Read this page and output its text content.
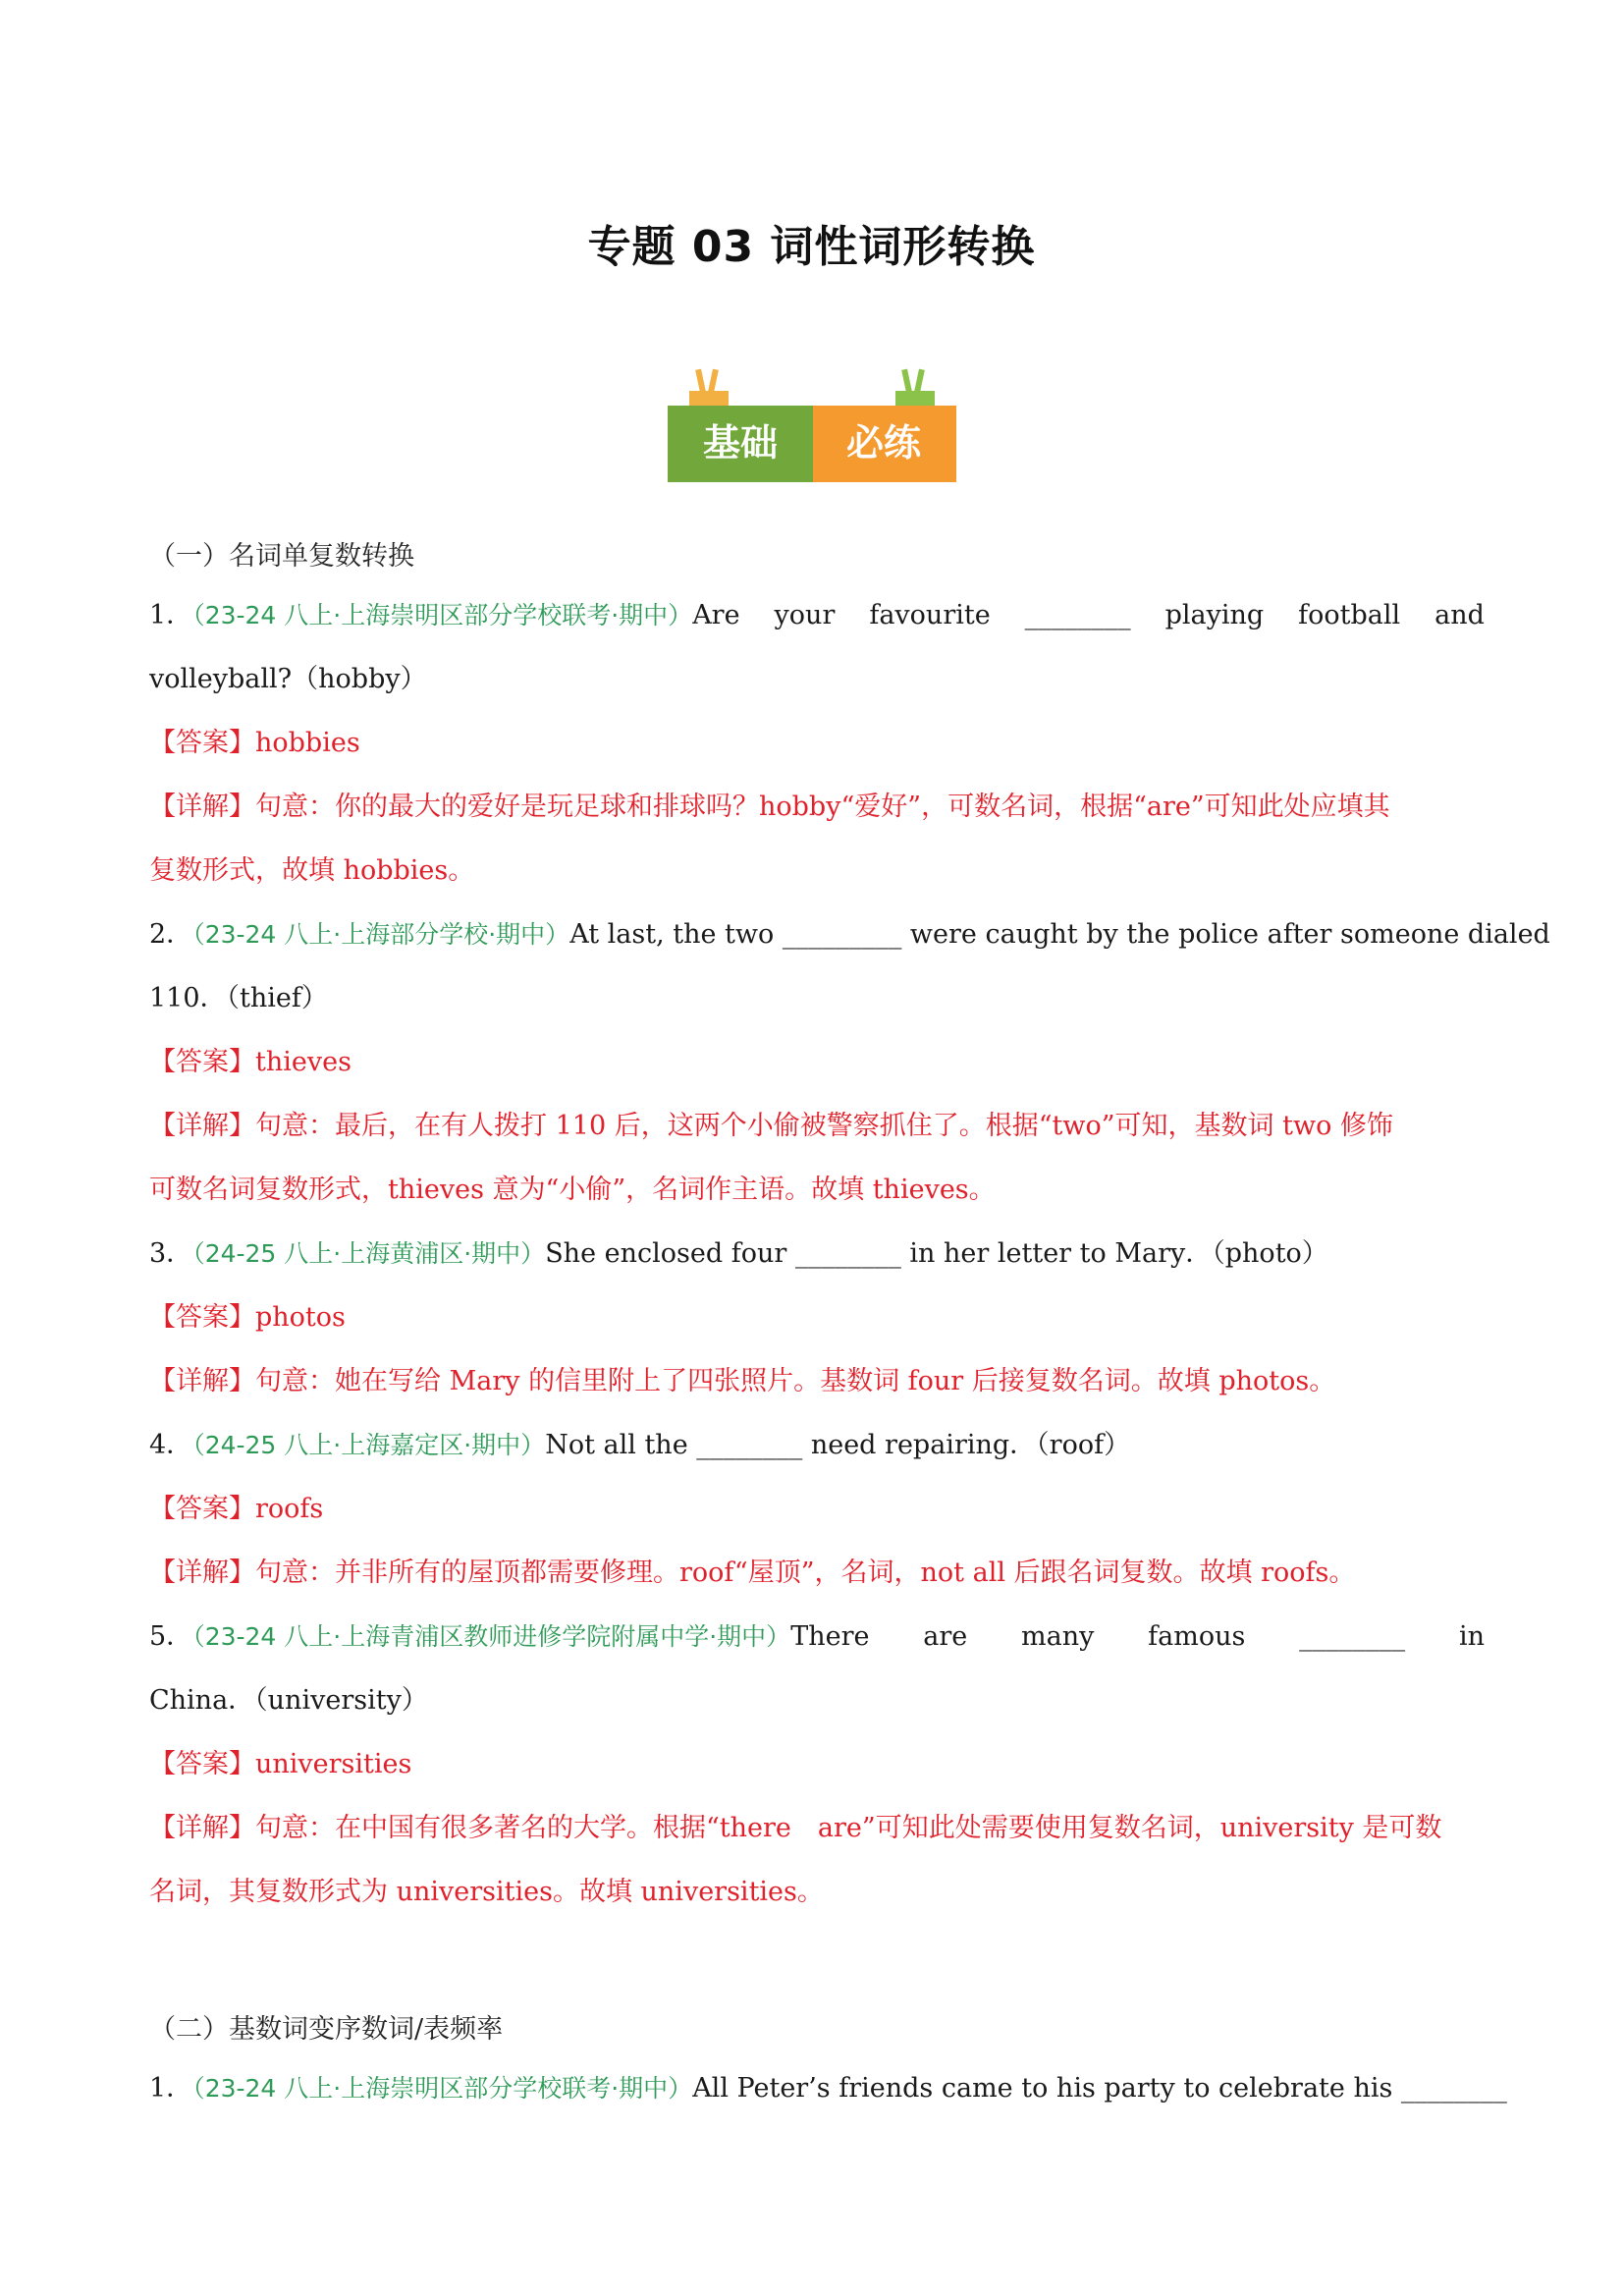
专题 03 词性词形转换
基础 必练
（一）名词单复数转换
1．（23-24 八上·上海崇明区部分学校联考·期中）Are your favourite ________ playing football and
volleyball?（hobby）
【答案】hobbies
【详解】句意：你的最大的爱好是玩足球和排球吗？hobby“爱好”，可数名词，根据“are”可知此处应填其
复数形式，故填 hobbies。
2．（23-24 八上·上海部分学校·期中）At last, the two _________ were caught by the police after someone dialed
110．（thief）
【答案】thieves
【详解】句意：最后，在有人拨打 110 后，这两个小偷被警察抓住了。根据“two”可知，基数词 two 修饰
可数名词复数形式，thieves 意为“小偷”，名词作主语。故填 thieves。
3．（24-25 八上·上海黄浦区·期中）She enclosed four ________ in her letter to Mary．（photo）
【答案】photos
【详解】句意：她在写给 Mary 的信里附上了四张照片。基数词 four 后接复数名词。故填 photos。
4．（24-25 八上·上海嘉定区·期中）Not all the ________ need repairing．（roof）
【答案】roofs
【详解】句意：并非所有的屋顶都需要修理。roof“屋顶”，名词，not all 后跟名词复数。故填 roofs。
5．（23-24 八上·上海青浦区教师进修学院附属中学·期中）There are many famous ________ in
China．（university）
【答案】universities
【详解】句意：在中国有很多著名的大学。根据“there　are”可知此处需要使用复数名词，university 是可数
名词，其复数形式为 universities。故填 universities。
（二）基数词变序数词/表频率
1．（23-24 八上·上海崇明区部分学校联考·期中）All Peter’s friends came to his party to celebrate his ________
